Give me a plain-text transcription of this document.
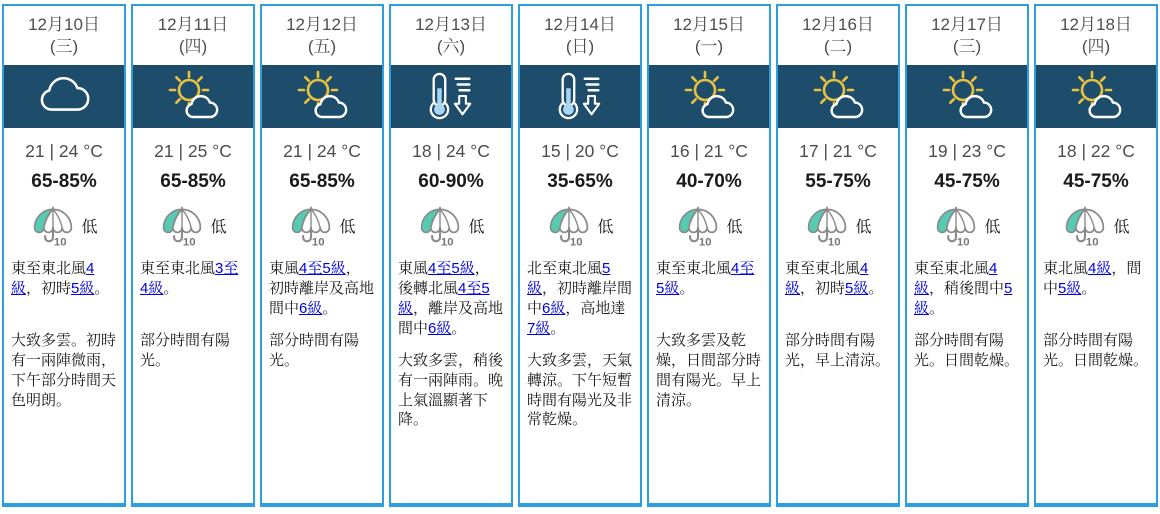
12月10日
(三)
21 | 24 °C
65-85%
10
低
東至東北風4級，初時5級。
大致多雲。初時有一兩陣微雨，下午部分時間天色明朗。
12月11日
(四)
21 | 25 °C
65-85%
10
低
東至東北風3至4級。
部分時間有陽光。
12月12日
(五)
21 | 24 °C
65-85%
10
低
東風4至5級，初時離岸及高地間中6級。
部分時間有陽光。
12月13日
(六)
18 | 24 °C
60-90%
10
低
東風4至5級，後轉北風4至5級，離岸及高地間中6級。
大致多雲，稍後有一兩陣雨。晚上氣溫顯著下降。
12月14日
(日)
15 | 20 °C
35-65%
10
低
北至東北風5級，初時離岸間中6級，高地達7級。
大致多雲，天氣轉涼。下午短暫時間有陽光及非常乾燥。
12月15日
(一)
16 | 21 °C
40-70%
10
低
東至東北風4至5級。
大致多雲及乾燥，日間部分時間有陽光。早上清涼。
12月16日
(二)
17 | 21 °C
55-75%
10
低
東至東北風4級，初時5級。
部分時間有陽光，早上清涼。
12月17日
(三)
19 | 23 °C
45-75%
10
低
東至東北風4級，稍後間中5級。
部分時間有陽光。日間乾燥。
12月18日
(四)
18 | 22 °C
45-75%
10
低
東北風4級，間中5級。
部分時間有陽光。日間乾燥。
